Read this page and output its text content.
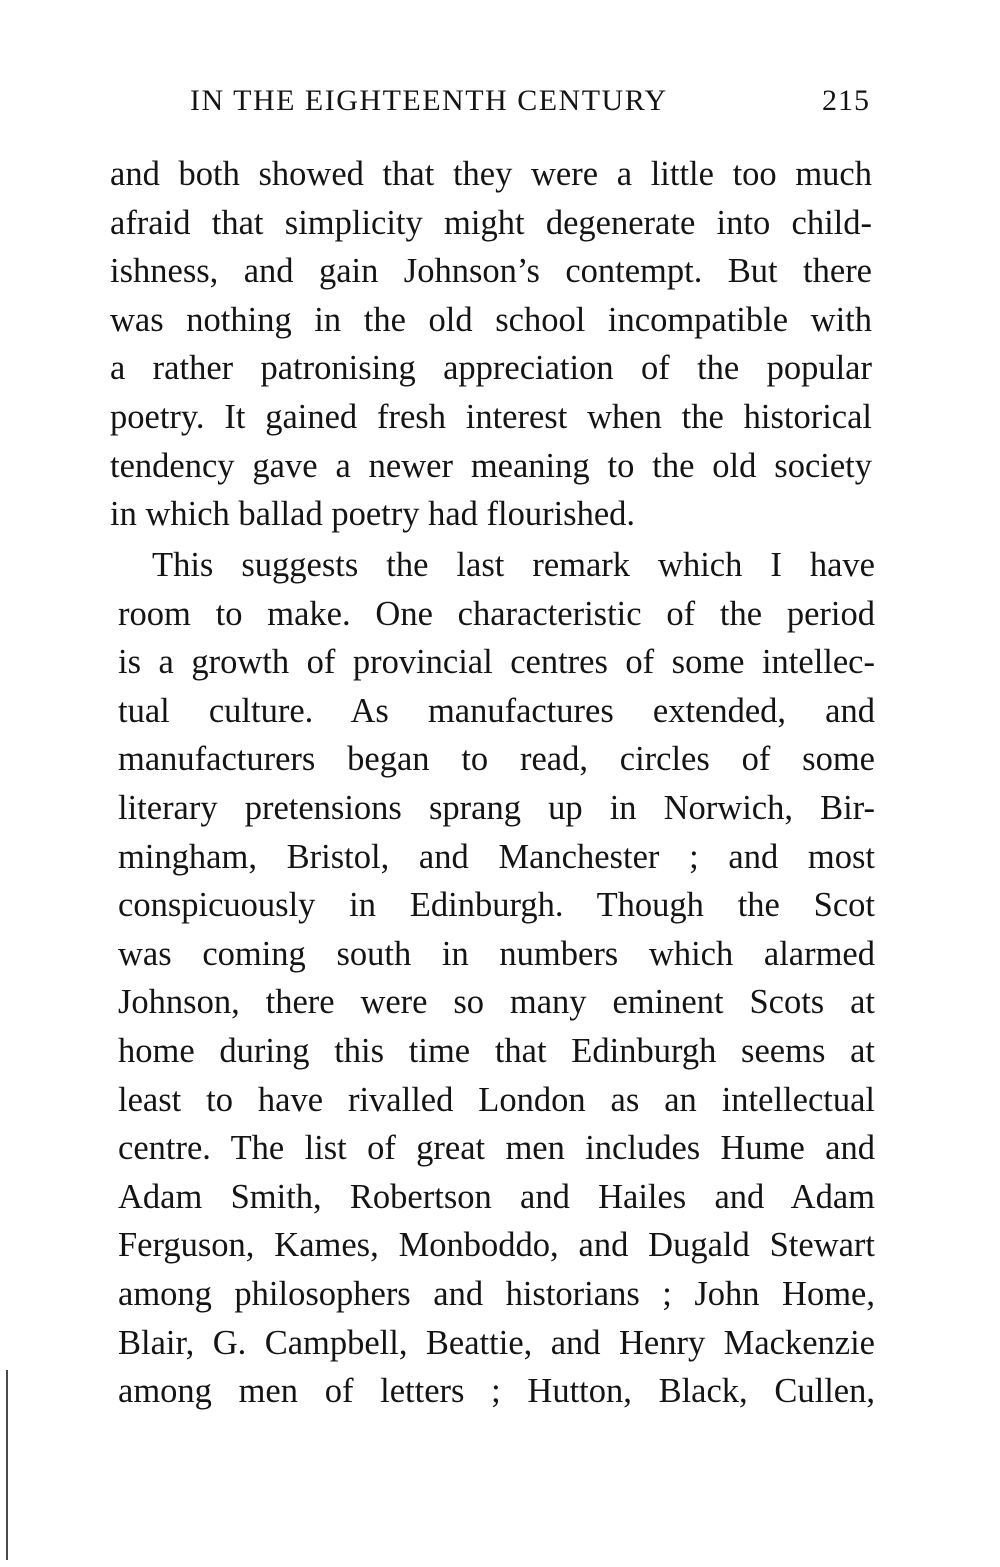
IN THE EIGHTEENTH CENTURY	215
and both showed that they were a little too much
afraid that simplicity might degenerate into child-
ishness, and gain Johnson’s contempt. But there
was nothing in the old school incompatible with
a rather patronising appreciation of the popular
poetry. It gained fresh interest when the historical
tendency gave a newer meaning to the old society
in which ballad poetry had flourished.
This suggests the last remark which I have
room to make. One characteristic of the period
is a growth of provincial centres of some intellec-
tual culture. As manufactures extended, and
manufacturers began to read, circles of some
literary pretensions sprang up in Norwich, Bir-
mingham, Bristol, and Manchester ; and most
conspicuously in Edinburgh. Though the Scot
was coming south in numbers which alarmed
Johnson, there were so many eminent Scots at
home during this time that Edinburgh seems at
least to have rivalled London as an intellectual
centre. The list of great men includes Hume and
Adam Smith, Robertson and Hailes and Adam
Ferguson, Kames, Monboddo, and Dugald Stewart
among philosophers and historians ; John Home,
Blair, G. Campbell, Beattie, and Henry Mackenzie
among men of letters ; Hutton, Black, Cullen,
